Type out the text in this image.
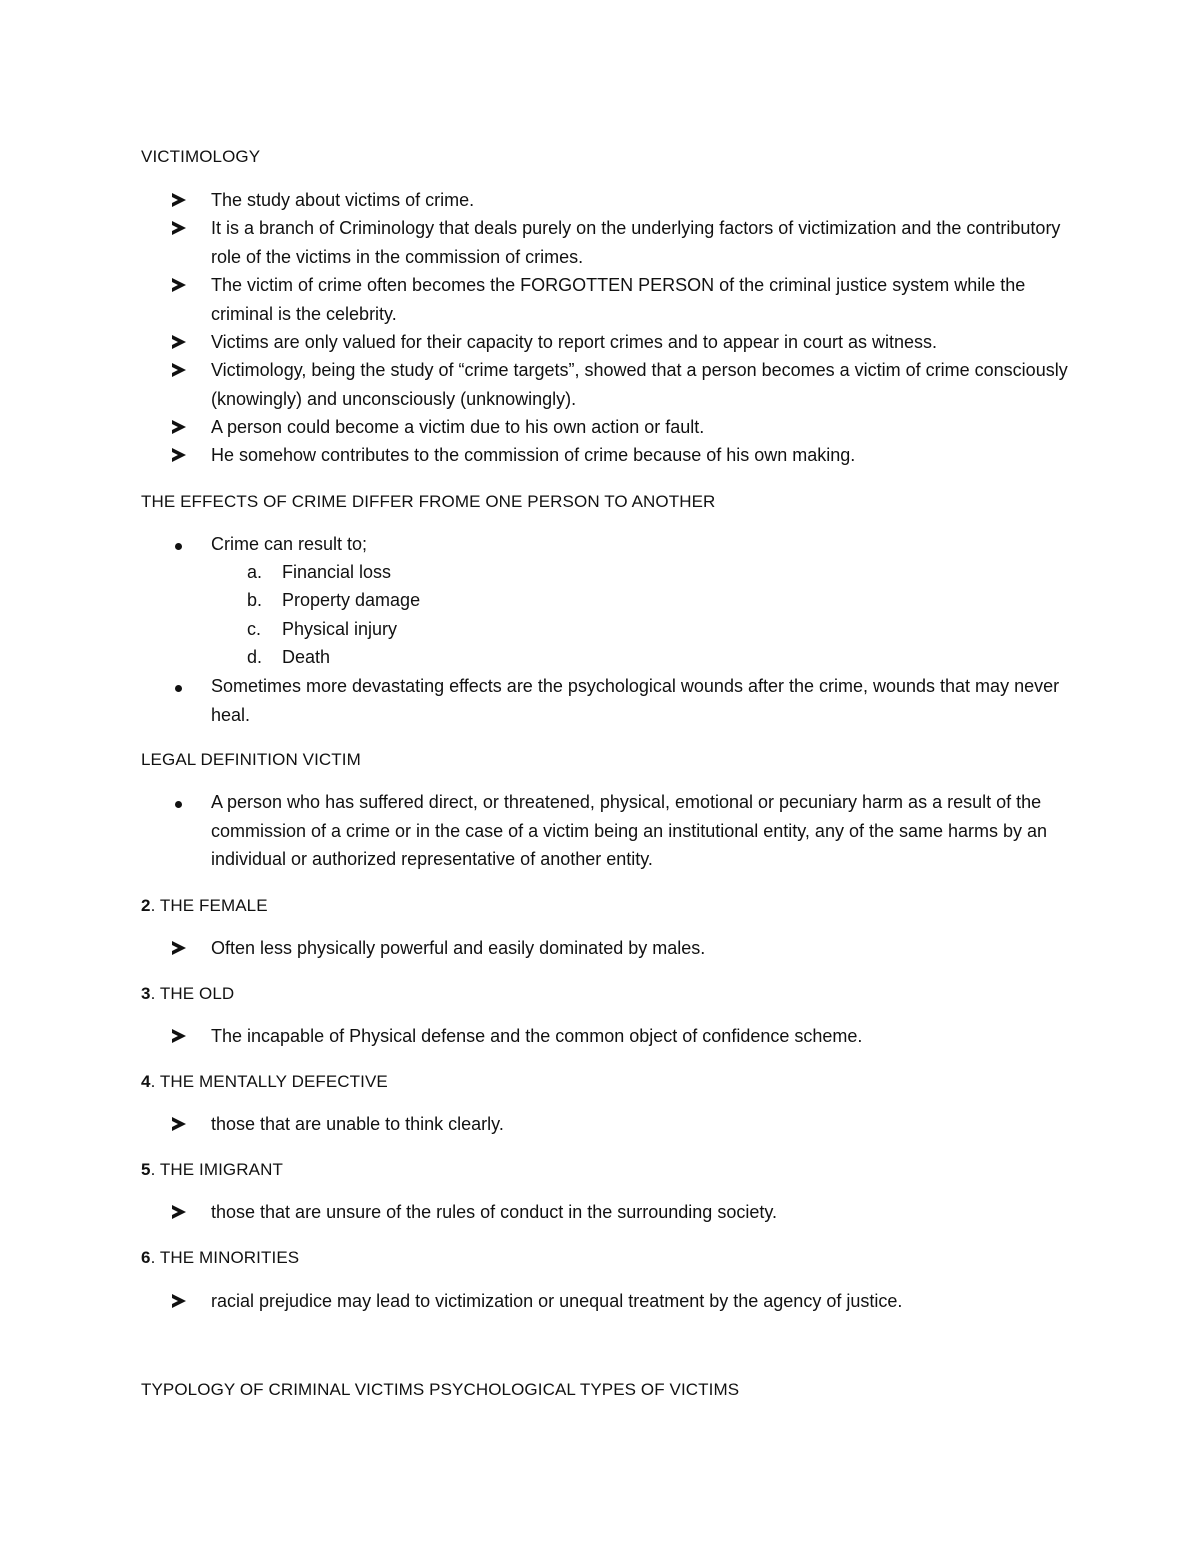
VICTIMOLOGY
The study about victims of crime.
It is a branch of Criminology that deals purely on the underlying factors of victimization and the contributory role of the victims in the commission of crimes.
The victim of crime often becomes the FORGOTTEN PERSON of the criminal justice system while the criminal is the celebrity.
Victims are only valued for their capacity to report crimes and to appear in court as witness.
Victimology, being the study of “crime targets”, showed that a person becomes a victim of crime consciously (knowingly) and unconsciously (unknowingly).
A person could become a victim due to his own action or fault.
He somehow contributes to the commission of crime because of his own making.
THE EFFECTS OF CRIME DIFFER FROME ONE PERSON TO ANOTHER
Crime can result to;
a.	Financial loss
b.	Property damage
c.	Physical injury
d.	Death
Sometimes more devastating effects are the psychological wounds after the crime, wounds that may never heal.
LEGAL DEFINITION VICTIM
A person who has suffered direct, or threatened, physical, emotional or pecuniary harm as a result of the commission of a crime or in the case of a victim being an institutional entity, any of the same harms by an individual or authorized representative of another entity.
2. THE FEMALE
Often less physically powerful and easily dominated by males.
3. THE OLD
The incapable of Physical defense and the common object of confidence scheme.
4. THE MENTALLY DEFECTIVE
those that are unable to think clearly.
5. THE IMIGRANT
those that are unsure of the rules of conduct in the surrounding society.
6. THE MINORITIES
racial prejudice may lead to victimization or unequal treatment by the agency of justice.
TYPOLOGY OF CRIMINAL VICTIMS PSYCHOLOGICAL TYPES OF VICTIMS
